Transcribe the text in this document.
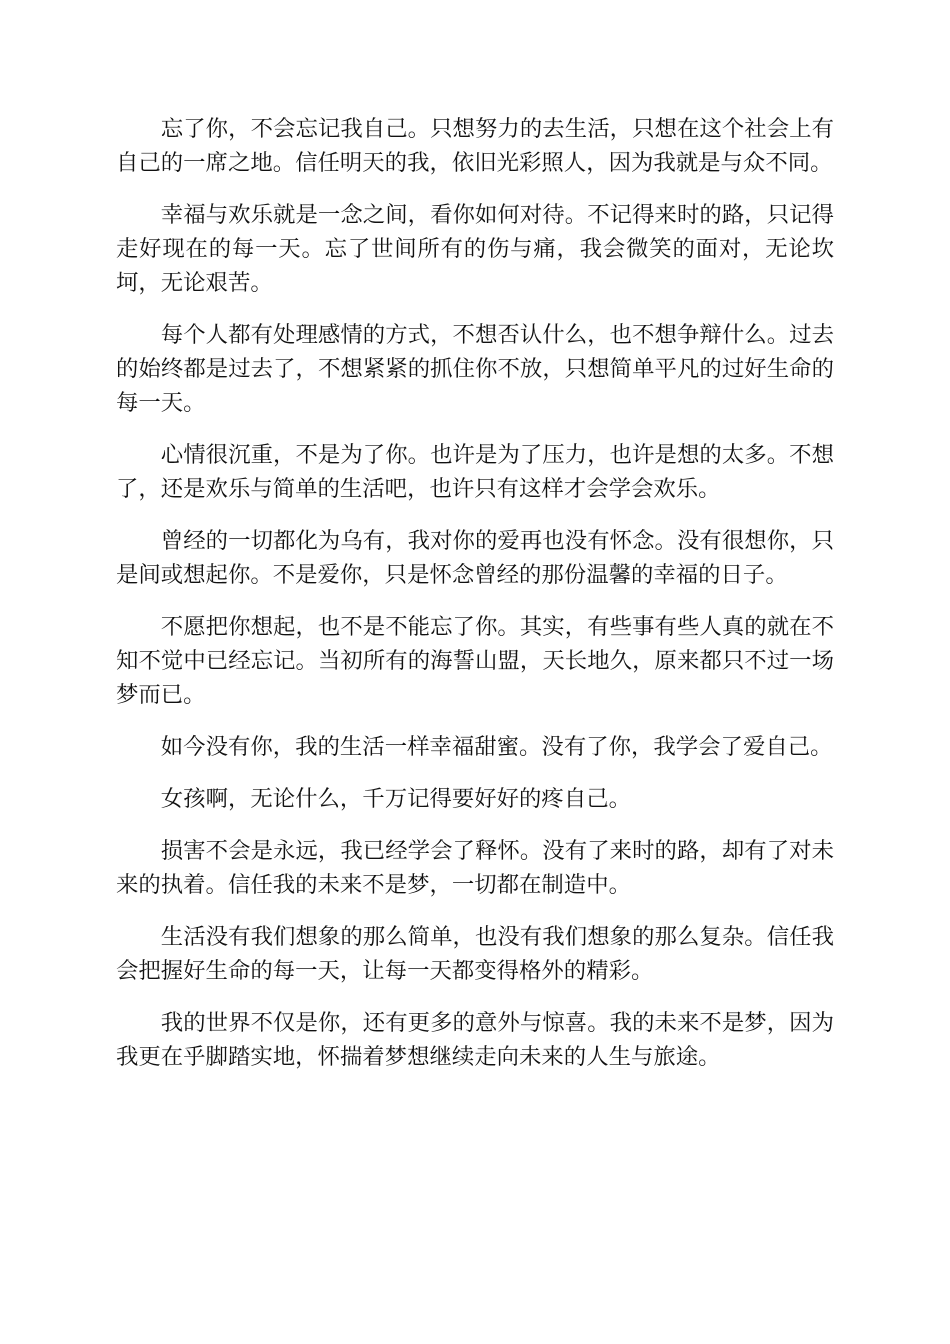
忘了你，不会忘记我自己。只想努力的去生活，只想在这个社会上有自己的一席之地。信任明天的我，依旧光彩照人，因为我就是与众不同。

幸福与欢乐就是一念之间，看你如何对待。不记得来时的路，只记得走好现在的每一天。忘了世间所有的伤与痛，我会微笑的面对，无论坎坷，无论艰苦。

每个人都有处理感情的方式，不想否认什么，也不想争辩什么。过去的始终都是过去了，不想紧紧的抓住你不放，只想简单平凡的过好生命的每一天。

心情很沉重，不是为了你。也许是为了压力，也许是想的太多。不想了，还是欢乐与简单的生活吧，也许只有这样才会学会欢乐。

曾经的一切都化为乌有，我对你的爱再也没有怀念。没有很想你，只是间或想起你。不是爱你，只是怀念曾经的那份温馨的幸福的日子。

不愿把你想起，也不是不能忘了你。其实，有些事有些人真的就在不知不觉中已经忘记。当初所有的海誓山盟，天长地久，原来都只不过一场梦而已。

如今没有你，我的生活一样幸福甜蜜。没有了你，我学会了爱自己。

女孩啊，无论什么，千万记得要好好的疼自己。

损害不会是永远，我已经学会了释怀。没有了来时的路，却有了对未来的执着。信任我的未来不是梦，一切都在制造中。

生活没有我们想象的那么简单，也没有我们想象的那么复杂。信任我会把握好生命的每一天，让每一天都变得格外的精彩。

我的世界不仅是你，还有更多的意外与惊喜。我的未来不是梦，因为我更在乎脚踏实地，怀揣着梦想继续走向未来的人生与旅途。
